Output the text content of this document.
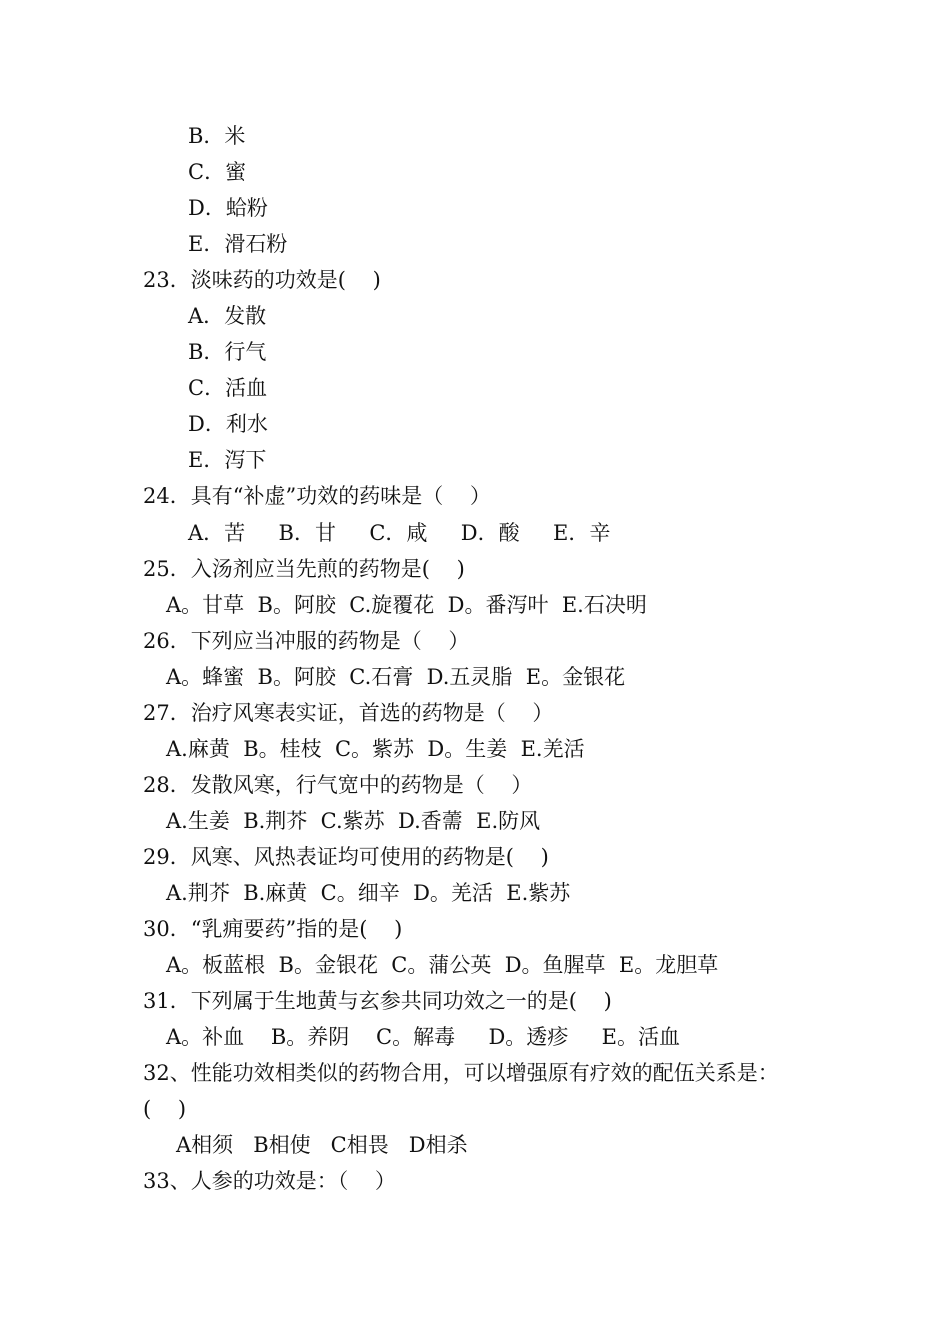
B．米
C．蜜
D．蛤粉
E．滑石粉
23．淡味药的功效是(    )
A．发散
B．行气
C．活血
D．利水
E．泻下
24．具有“补虚”功效的药味是（    ）
A．苦     B．甘     C．咸     D．酸     E．辛
25．入汤剂应当先煎的药物是(    )
A。甘草  B。阿胶  C.旋覆花  D。番泻叶  E.石决明
26．下列应当冲服的药物是（    ）
A。蜂蜜  B。阿胶  C.石膏  D.五灵脂  E。金银花
27．治疗风寒表实证，首选的药物是（    ）
A.麻黄  B。桂枝  C。紫苏  D。生姜  E.羌活
28．发散风寒，行气宽中的药物是（    ）
A.生姜  B.荆芥  C.紫苏  D.香薷  E.防风
29．风寒、风热表证均可使用的药物是(    )
A.荆芥  B.麻黄  C。细辛  D。羌活  E.紫苏
30．“乳痈要药”指的是(    )
A。板蓝根  B。金银花  C。蒲公英  D。鱼腥草  E。龙胆草
31．下列属于生地黄与玄参共同功效之一的是(    )
A。补血    B。养阴    C。解毒     D。透疹     E。活血
32、性能功效相类似的药物合用，可以增强原有疗效的配伍关系是：
(    )
A相须   B相使   C相畏   D相杀
33、人参的功效是：（    ）
